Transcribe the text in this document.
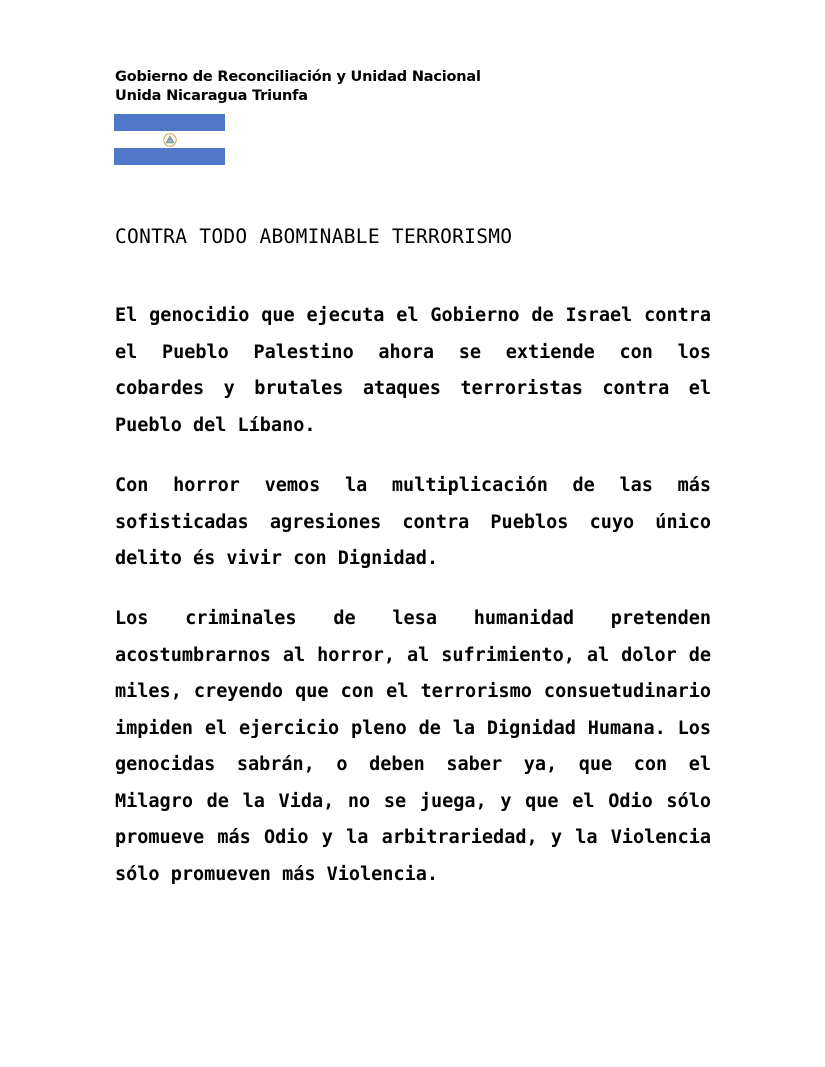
Gobierno de Reconciliación y Unidad Nacional
Unida Nicaragua Triunfa
CONTRA TODO ABOMINABLE TERRORISMO

El genocidio que ejecuta el Gobierno de Israel contra el Pueblo Palestino ahora se extiende con los cobardes y brutales ataques terroristas contra el Pueblo del Líbano.

Con horror vemos la multiplicación de las más sofisticadas agresiones contra Pueblos cuyo único delito és vivir con Dignidad.

Los criminales de lesa humanidad pretenden acostumbrarnos al horror, al sufrimiento, al dolor de miles, creyendo que con el terrorismo consuetudinario impiden el ejercicio pleno de la Dignidad Humana. Los genocidas sabrán, o deben saber ya, que con el Milagro de la Vida, no se juega, y que el Odio sólo promueve más Odio y la arbitrariedad, y la Violencia sólo promueven más Violencia.
